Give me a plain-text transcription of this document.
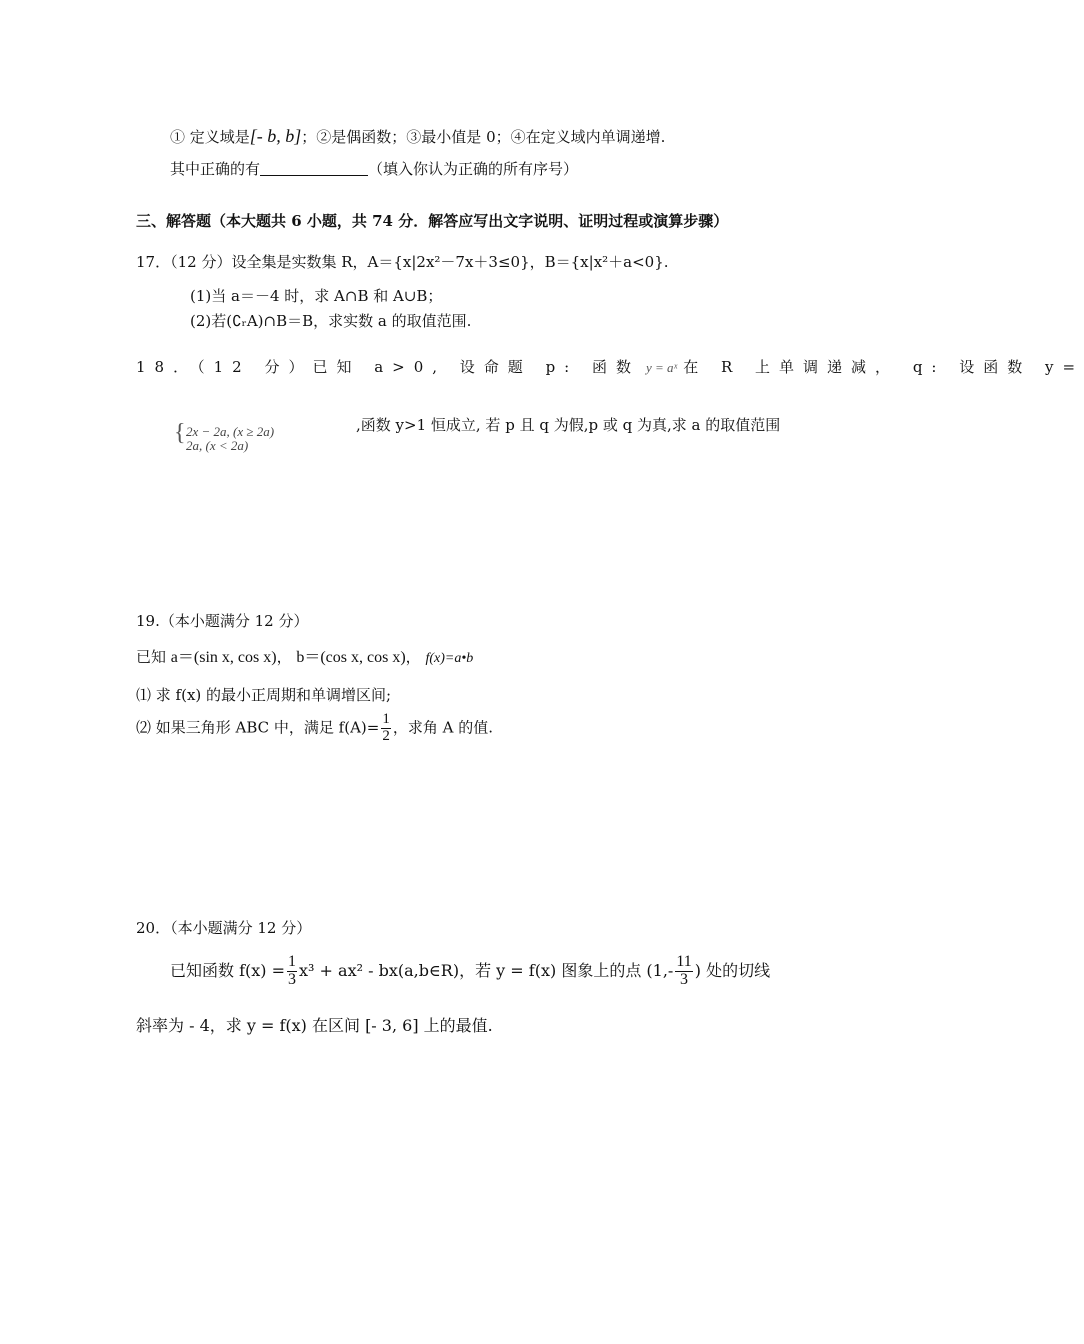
① 定义域是[- b, b]；②是偶函数；③最小值是 0；④在定义域内单调递增.
其中正确的有	（填入你认为正确的所有序号）
三、解答题（本大题共 6 小题，共 74 分．解答应写出文字说明、证明过程或演算步骤）
17．（12 分）设全集是实数集 R，A＝{x|2x²－7x＋3≤0}，B＝{x|x²＋a<0}.
(1)当 a＝－4 时，求 A∩B 和 A∪B；
(2)若(∁ᵣA)∩B＝B，求实数 a 的取值范围.
18．（12 分）已知 a>0, 设命题 p: 函数 y = aˣ 在 R 上单调递减， q: 设函数 y=
{ 2x − 2a, (x ≥ 2a)
2a, (x < 2a)
,函数 y>1 恒成立, 若 p 且 q 为假,p 或 q 为真,求 a 的取值范围
19.（本小题满分 12 分）
已知 a＝(sin x, cos x)， b＝(cos x, cos x)， f(x)=a•b
⑴ 求 f(x) 的最小正周期和单调增区间;
⑵ 如果三角形 ABC 中，满足 $f(A)= \frac{1}{2}$ ，求角 A 的值.
20．（本小题满分 12 分）
已知函数 $f(x) = \frac{1}{3} x^3 + ax^2$ - bx(a,b∈R)，若 y = f(x) 图象上的点 ($1,- \frac{11}{3}$ ) 处的切线
斜率为 - 4，求 y = f(x) 在区间 [- 3, 6] 上的最值.
